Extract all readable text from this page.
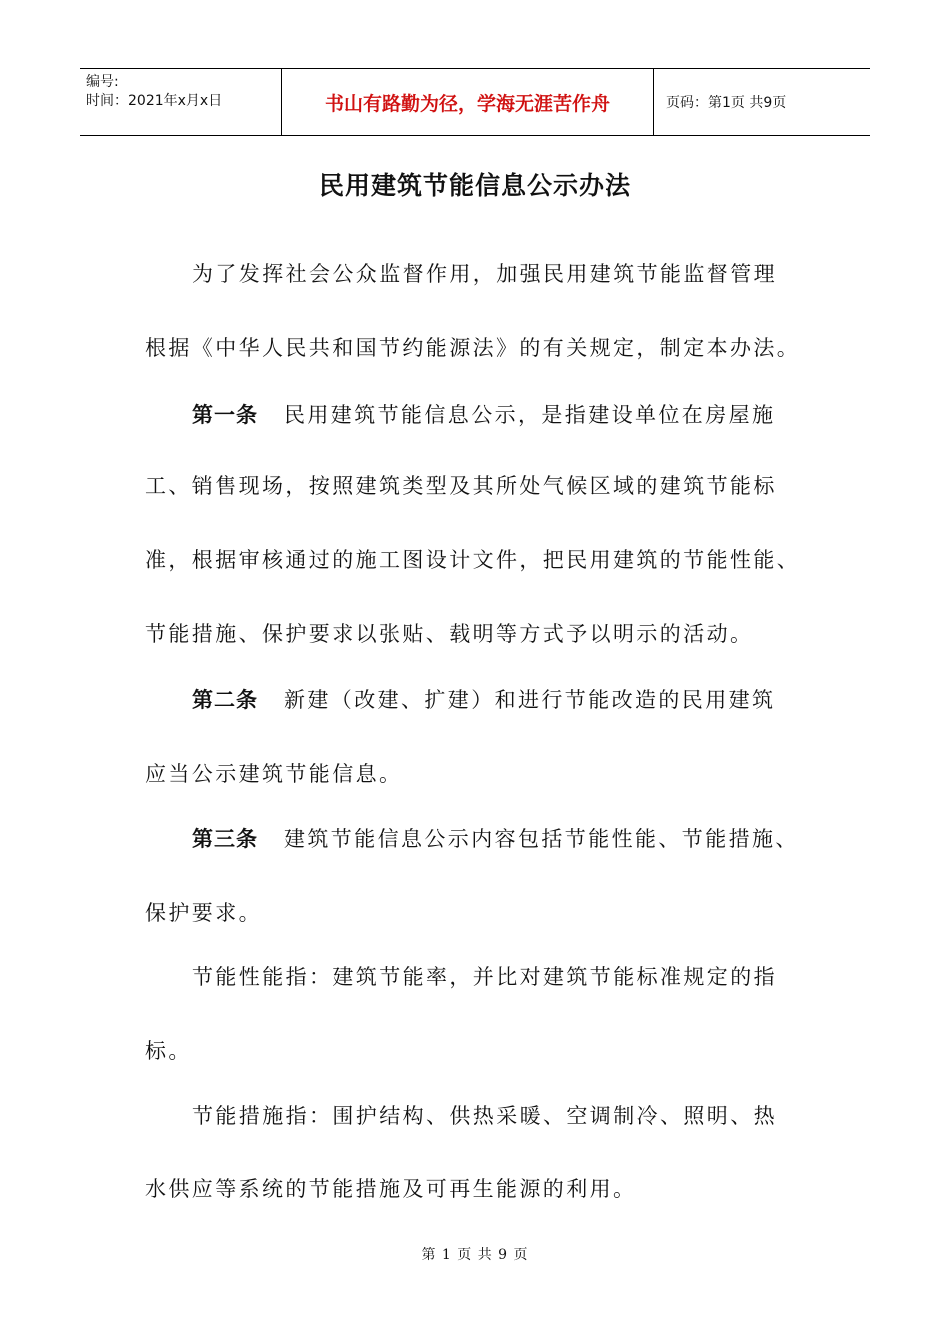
编号:
时间：2021年x月x日	书山有路勤为径，学海无涯苦作舟	页码：第1页 共9页
民用建筑节能信息公示办法
为了发挥社会公众监督作用，加强民用建筑节能监督管理
根据《中华人民共和国节约能源法》的有关规定，制定本办法。
第一条 民用建筑节能信息公示，是指建设单位在房屋施
工、销售现场，按照建筑类型及其所处气候区域的建筑节能标
准，根据审核通过的施工图设计文件，把民用建筑的节能性能、
节能措施、保护要求以张贴、载明等方式予以明示的活动。
第二条 新建（改建、扩建）和进行节能改造的民用建筑
应当公示建筑节能信息。
第三条 建筑节能信息公示内容包括节能性能、节能措施、
保护要求。
节能性能指：建筑节能率，并比对建筑节能标准规定的指
标。
节能措施指：围护结构、供热采暖、空调制冷、照明、热
水供应等系统的节能措施及可再生能源的利用。
第 1 页 共 9 页
